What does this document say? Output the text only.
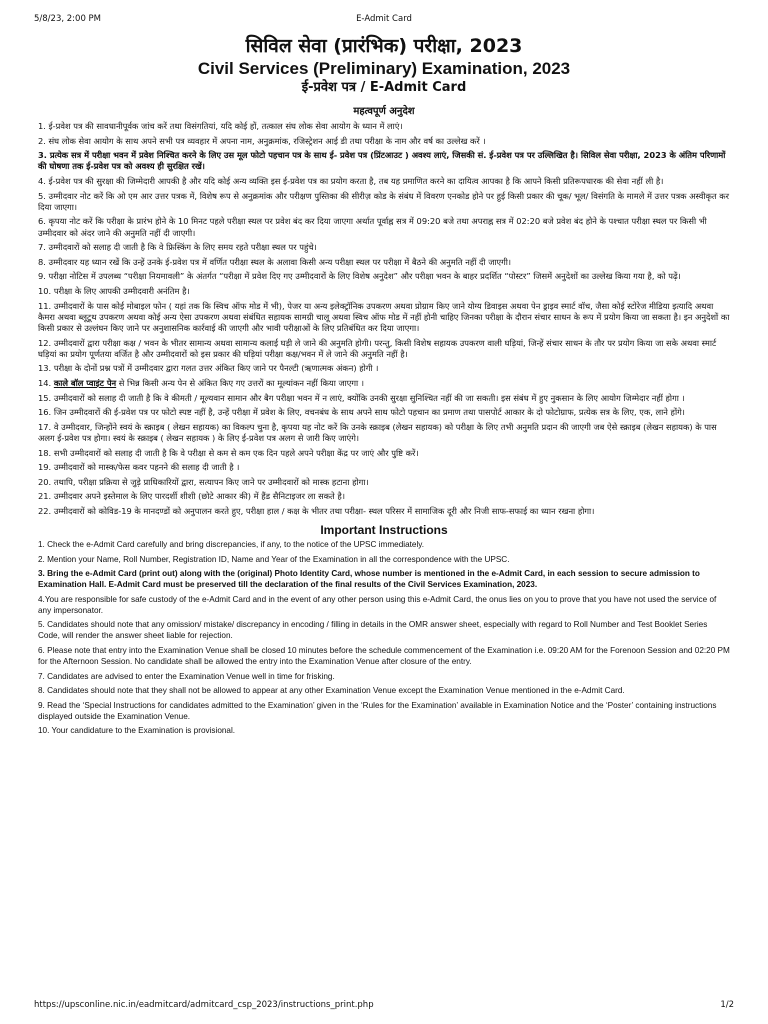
5/8/23, 2:00 PM	E-Admit Card
सिविल सेवा (प्रारंभिक) परीक्षा, 2023
Civil Services (Preliminary) Examination, 2023
ई-प्रवेश पत्र / E-Admit Card
महत्वपूर्ण अनुदेश
1. ई-प्रवेश पत्र की सावधानीपूर्वक जांच करें तथा विसंगतियां, यदि कोई हों, तत्काल संघ लोक सेवा आयोग के ध्यान में लाएं।
2. संघ लोक सेवा आयोग के साथ अपने सभी पत्र व्यवहार में अपना नाम, अनुक्रमांक, रजिस्ट्रेशन आई डी तथा परीक्षा के नाम और वर्ष का उल्लेख करें ।
3. प्रत्येक सत्र में परीक्षा भवन में प्रवेश निश्चित करने के लिए उस मूल फोटो पहचान पत्र के साथ ई- प्रवेश पत्र (प्रिंटआउट ) अवश्य लाएं, जिसकी सं. ई-प्रवेश पत्र पर उल्लिखित है। सिविल सेवा परीक्षा, 2023 के अंतिम परिणामों की घोषणा तक ई-प्रवेश पत्र को अवश्य ही सुरक्षित रखें।
4. ई-प्रवेश पत्र की सुरक्षा की जिम्मेदारी आपकी है और यदि कोई अन्य व्यक्ति इस ई-प्रवेश पत्र का प्रयोग करता है, तब यह प्रमाणित करने का दायित्व आपका है कि आपने किसी प्रतिरूपधारक की सेवा नहीं ली है।
5. उम्मीदवार नोट करें कि ओ एम आर उत्तर पत्रक में, विशेष रूप से अनुक्रमांक और परीक्षण पुस्तिका की सीरीज़ कोड के संबंध में विवरण एनकोड होने पर हुई किसी प्रकार की चूक/ भूल/ विसंगति के मामले में उत्तर पत्रक अस्वीकृत कर दिया जाएगा।
6. कृपया नोट करें कि परीक्षा के प्रारंभ होने के 10 मिनट पहले परीक्षा स्थल पर प्रवेश बंद कर दिया जाएगा अर्थात पूर्वाह्न सत्र में 09:20 बजे तथा अपराह्न सत्र में 02:20 बजे प्रवेश बंद होने के पश्चात परीक्षा स्थल पर किसी भी उम्मीदवार को अंदर जाने की अनुमति नहीं दी जाएगी।
7. उम्मीदवारों को सलाह दी जाती है कि वे फ्रिस्किंग के लिए समय रहते परीक्षा स्थल पर पहुंचे।
8. उम्मीदवार यह ध्यान रखें कि उन्हें उनके ई-प्रवेश पत्र में वर्णित परीक्षा स्थल के अलावा किसी अन्य परीक्षा स्थल पर परीक्षा में बैठने की अनुमति नहीं दी जाएगी।
9. परीक्षा नोटिस में उपलब्ध “परीक्षा नियमावली” के अंतर्गत “परीक्षा में प्रवेश दिए गए उम्मीदवारों के लिए विशेष अनुदेश” और परीक्षा भवन के बाहर प्रदर्शित “पोस्टर” जिसमें अनुदेशों का उल्लेख किया गया है, को पढ़ें।
10. परीक्षा के लिए आपकी उम्मीदवारी अनंतिम है।
11. उम्मीदवारों के पास कोई मोबाइल फोन ( यहां तक कि स्विच ऑफ मोड में भी), पेजर या अन्य इलेक्ट्रॉनिक उपकरण अथवा प्रोग्राम किए जाने योग्य डिवाइस अथवा पेन ड्राइव स्मार्ट वॉच, जैसा कोई स्टोरेज मीडिया इत्यादि अथवा कैमरा अथवा ब्लूटूथ उपकरण अथवा कोई अन्य ऐसा उपकरण अथवा संबंधित सहायक सामग्री चालू अथवा स्विच ऑफ मोड में नहीं होनी चाहिए जिनका परीक्षा के दौरान संचार साधन के रूप में प्रयोग किया जा सकता है। इन अनुदेशों का किसी प्रकार से उल्लंघन किए जाने पर अनुशासनिक कार्रवाई की जाएगी और भावी परीक्षाओं के लिए प्रतिबंधित कर दिया जाएगा।
12. उम्मीदवारों द्वारा परीक्षा कक्ष / भवन के भीतर सामान्य अथवा सामान्य कलाई घड़ी ले जाने की अनुमति होगी। परन्तु, किसी विशेष सहायक उपकरण वाली घड़ियां, जिन्हें संचार साधन के तौर पर प्रयोग किया जा सके अथवा स्मार्ट घड़ियां का प्रयोग पूर्णतया वर्जित है और उम्मीदवारों को इस प्रकार की घड़ियां परीक्षा कक्ष/भवन में ले जाने की अनुमति नहीं है।
13. परीक्षा के दोनों प्रश्न पत्रों में उम्मीदवार द्वारा गलत उत्तर अंकित किए जाने पर पैनल्टी (ऋणात्मक अंकन) होगी ।
14. काले बॉल प्वाइंट पेन से भिन्न किसी अन्य पेन से अंकित किए गए उत्तरों का मूल्यांकन नहीं किया जाएगा ।
15. उम्मीदवारों को सलाह दी जाती है कि वे कीमती / मूल्यवान सामान और बैग परीक्षा भवन में न लाएं, क्योंकि उनकी सुरक्षा सुनिश्चित नहीं की जा सकती। इस संबंध में हुए नुकसान के लिए आयोग जिम्मेदार नहीं होगा ।
16. जिन उम्मीदवारों की ई-प्रवेश पत्र पर फोटो स्पष्ट नहीं है, उन्हें परीक्षा में प्रवेश के लिए, वचनबंध के साथ अपने साथ फोटो पहचान का प्रमाण तथा पासपोर्ट आकार के दो फोटोग्राफ, प्रत्येक सत्र के लिए, एक, लाने होंगे।
17. वे उम्मीदवार, जिन्होंने स्वयं के स्क्राइब ( लेखन सहायक) का विकल्प चुना है, कृपया यह नोट करें कि उनके स्क्राइब (लेखन सहायक) को परीक्षा के लिए तभी अनुमति प्रदान की जाएगी जब ऐसे स्क्राइब (लेखन सहायक) के पास अलग ई-प्रवेश पत्र होगा। स्वयं के स्क्राइब ( लेखन सहायक ) के लिए ई-प्रवेश पत्र अलग से जारी किए जाएंगे।
18. सभी उम्मीदवारों को सलाह दी जाती है कि वे परीक्षा से कम से कम एक दिन पहले अपने परीक्षा केंद्र पर जाएं और पुष्टि करें।
19. उम्मीदवारों को मास्क/फेस कवर पहनने की सलाह दी जाती है ।
20. तथापि, परीक्षा प्रक्रिया से जुड़े प्राधिकारियों द्वारा, सत्यापन किए जाने पर उम्मीदवारों को मास्क हटाना होगा।
21. उम्मीदवार अपने इस्तेमाल के लिए पारदर्शी शीशी (छोटे आकार की) में हैंड सैनिटाइजर ला सकते है।
22. उम्मीदवारों को कोविड-19 के मानदण्डों को अनुपालन करते हुए, परीक्षा हाल / कक्ष के भीतर तथा परीक्षा- स्थल परिसर में सामाजिक दूरी और निजी साफ-सफाई का ध्यान रखना होगा।
Important Instructions
1. Check the e-Admit Card carefully and bring discrepancies, if any, to the notice of the UPSC immediately.
2. Mention your Name, Roll Number, Registration ID, Name and Year of the Examination in all the correspondence with the UPSC.
3. Bring the e-Admit Card (print out) along with the (original) Photo Identity Card, whose number is mentioned in the e-Admit Card, in each session to secure admission to Examination Hall. E-Admit Card must be preserved till the declaration of the final results of the Civil Services Examination, 2023.
4.You are responsible for safe custody of the e-Admit Card and in the event of any other person using this e-Admit Card, the onus lies on you to prove that you have not used the service of any impersonator.
5. Candidates should note that any omission/ mistake/ discrepancy in encoding / filling in details in the OMR answer sheet, especially with regard to Roll Number and Test Booklet Series Code, will render the answer sheet liable for rejection.
6. Please note that entry into the Examination Venue shall be closed 10 minutes before the schedule commencement of the Examination i.e. 09:20 AM for the Forenoon Session and 02:20 PM for the Afternoon Session. No candidate shall be allowed the entry into the Examination Venue after closure of the entry.
7. Candidates are advised to enter the Examination Venue well in time for frisking.
8. Candidates should note that they shall not be allowed to appear at any other Examination Venue except the Examination Venue mentioned in the e-Admit Card.
9. Read the ‘Special Instructions for candidates admitted to the Examination’ given in the ‘Rules for the Examination’ available in Examination Notice and the ‘Poster’ containing instructions displayed outside the Examination Venue.
10. Your candidature to the Examination is provisional.
https://upsconline.nic.in/eadmitcard/admitcard_csp_2023/instructions_print.php	1/2
